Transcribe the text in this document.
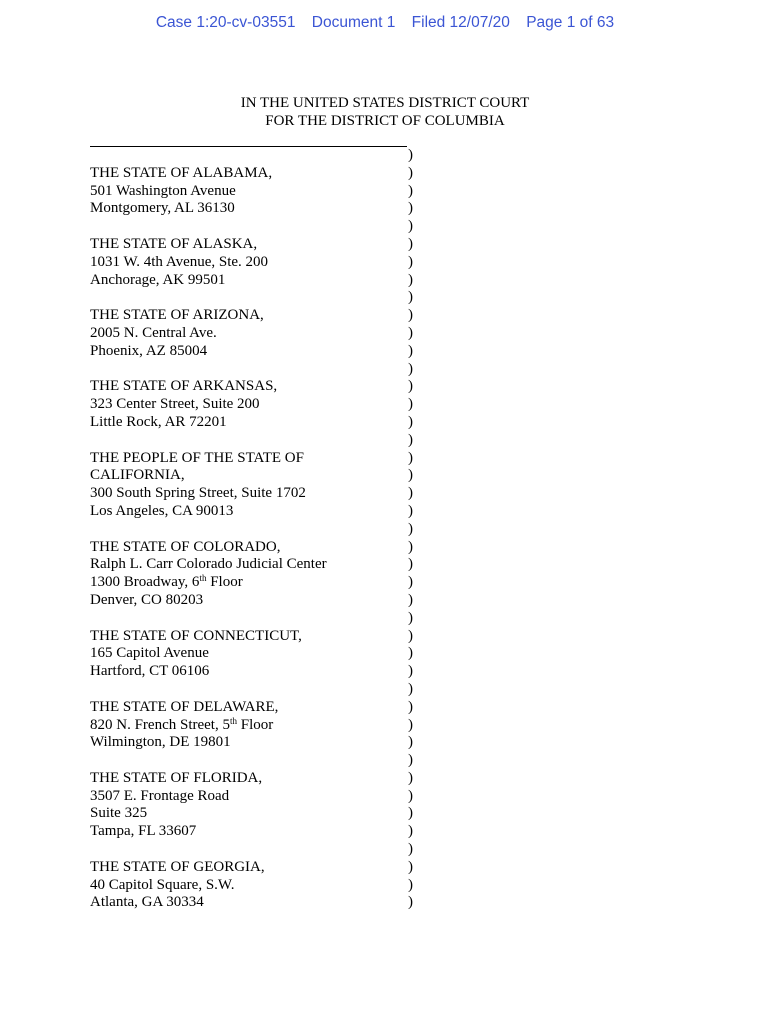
Case 1:20-cv-03551 Document 1 Filed 12/07/20 Page 1 of 63
IN THE UNITED STATES DISTRICT COURT
FOR THE DISTRICT OF COLUMBIA
)
THE STATE OF ALABAMA,	)
501 Washington Avenue	)
Montgomery, AL 36130	)
)
THE STATE OF ALASKA,	)
1031 W. 4th Avenue, Ste. 200	)
Anchorage, AK 99501	)
)
THE STATE OF ARIZONA,	)
2005 N. Central Ave.	)
Phoenix, AZ 85004	)
)
THE STATE OF ARKANSAS,	)
323 Center Street, Suite 200	)
Little Rock, AR 72201	)
)
THE PEOPLE OF THE STATE OF	)
CALIFORNIA,	)
300 South Spring Street, Suite 1702	)
Los Angeles, CA 90013	)
)
THE STATE OF COLORADO,	)
Ralph L. Carr Colorado Judicial Center	)
1300 Broadway, 6th Floor	)
Denver, CO 80203	)
)
THE STATE OF CONNECTICUT,	)
165 Capitol Avenue	)
Hartford, CT 06106	)
)
THE STATE OF DELAWARE,	)
820 N. French Street, 5th Floor	)
Wilmington, DE 19801	)
)
THE STATE OF FLORIDA,	)
3507 E. Frontage Road	)
Suite 325	)
Tampa, FL 33607	)
)
THE STATE OF GEORGIA,	)
40 Capitol Square, S.W.	)
Atlanta, GA 30334	)
